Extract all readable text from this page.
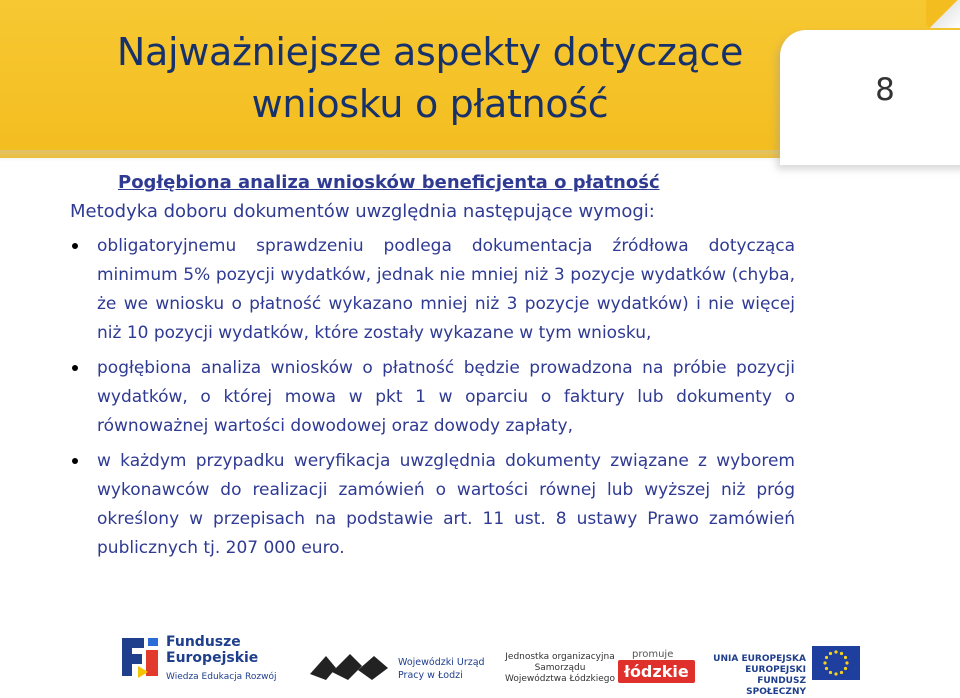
Najważniejsze aspekty dotyczące
wniosku o płatność	8

Pogłębiona analiza wniosków beneficjenta o płatność

Metodyka doboru dokumentów uwzględnia następujące wymogi:

obligatoryjnemu sprawdzeniu podlega dokumentacja źródłowa dotycząca minimum 5% pozycji wydatków, jednak nie mniej niż 3 pozycje wydatków (chyba, że we wniosku o płatność wykazano mniej niż 3 pozycje wydatków) i nie więcej niż 10 pozycji wydatków, które zostały wykazane w tym wniosku,
pogłębiona analiza wniosków o płatność będzie prowadzona na próbie pozycji wydatków, o której mowa w pkt 1 w oparciu o faktury lub dokumenty o równoważnej wartości dowodowej oraz dowody zapłaty,
w każdym przypadku weryfikacja uwzględnia dokumenty związane z wyborem wykonawców do realizacji zamówień o wartości równej lub wyższej niż próg określony w przepisach na podstawie art. 11 ust. 8 ustawy Prawo zamówień publicznych tj. 207 000 euro.
Fundusze
Europejskie
Wiedza Edukacja Rozwój
Wojewódzki Urząd
Pracy w Łodzi
Jednostka organizacyjna
Samorządu
Województwa Łódzkiego
promuje
łódzkie
UNIA EUROPEJSKA
EUROPEJSKI
FUNDUSZ SPOŁECZNY
